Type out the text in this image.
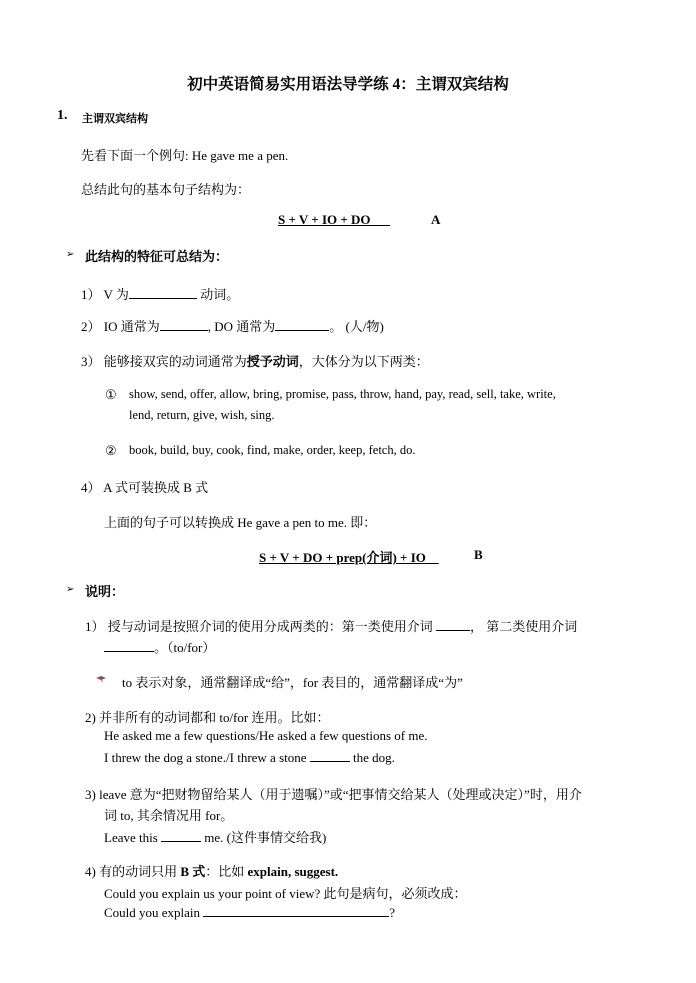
初中英语简易实用语法导学练 4：主谓双宾结构
1. 主谓双宾结构
先看下面一个例句: He gave me a pen.
总结此句的基本句子结构为：
S + V + IO + DO	A
➢ 此结构的特征可总结为：
1） V 为	动词。
2） IO 通常为	, DO 通常为	。 (人/物)
3） 能够接双宾的动词通常为授予动词，大体分为以下两类：
① show, send, offer, allow, bring, promise, pass, throw, hand, pay, read, sell, take, write,
lend, return, give, wish, sing.
② book, build, buy, cook, find, make, order, keep, fetch, do.
4） A 式可装换成 B 式
上面的句子可以转换成 He gave a pen to me. 即：
S + V + DO + prep(介词) + IO	B
➢ 说明：
1） 授与动词是按照介词的使用分成两类的：第一类使用介词	， 第二类使用介词
。（to/for）
to 表示对象，通常翻译成“给”，for 表目的，通常翻译成“为”
2) 并非所有的动词都和 to/for 连用。比如：
He asked me a few questions/He asked a few questions of me.
I threw the dog a stone./I threw a stone	the dog.
3) leave 意为“把财物留给某人（用于遗嘱）”或“把事情交给某人（处理或决定）”时，用介
词 to, 其余情况用 for。
Leave this	me. (这件事情交给我)
4) 有的动词只用 B 式：比如 explain, suggest.
Could you explain us your point of view? 此句是病句，必须改成：
Could you explain	?
